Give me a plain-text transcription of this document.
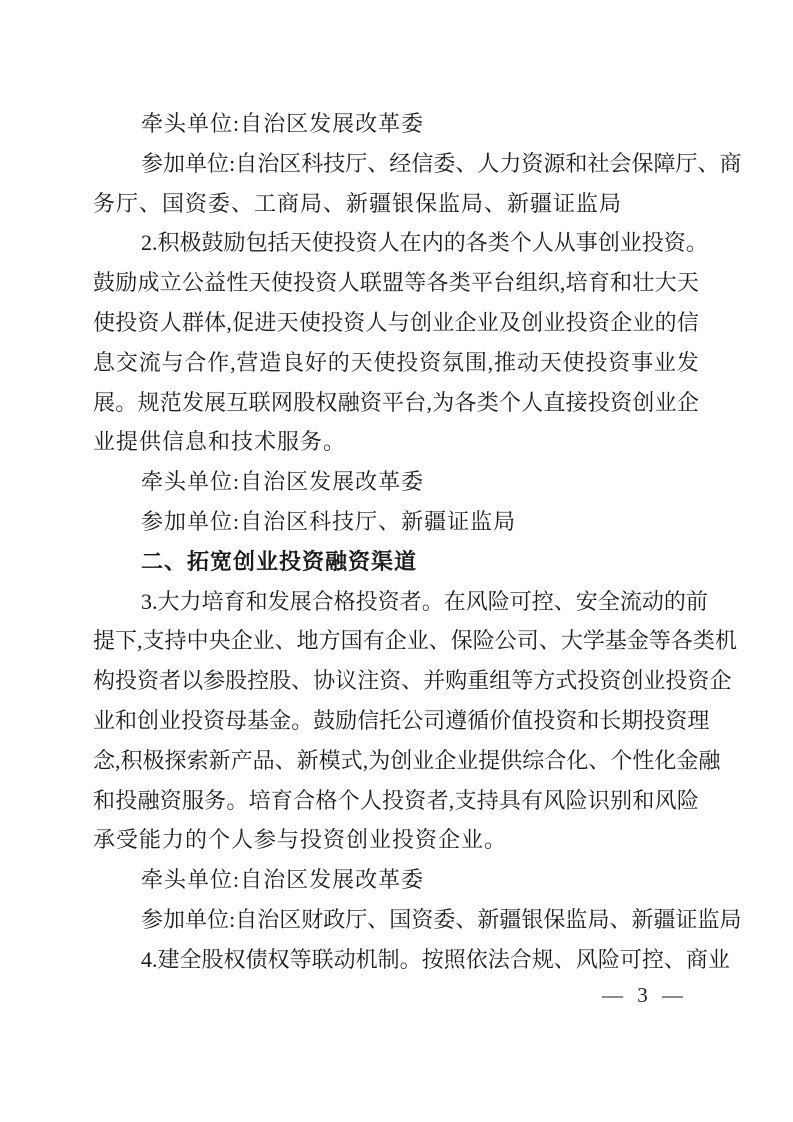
牵头单位:自治区发展改革委
参 加 单 位 : 自 治 区 科 技 厅 、 经 信 委 、 人 力 资 源 和 社 会 保 障 厅 、 商
务厅、国资委、工商局、新疆银保监局、新疆证监局
2. 积 极 鼓 励 包 括 天 使 投 资 人 在 内 的 各 类 个 人 从 事 创 业 投 资 。
鼓 励 成 立 公 益 性 天 使 投 资 人 联 盟 等 各 类 平 台 组 织 , 培 育 和 壮 大 天
使 投 资 人 群 体 , 促 进 天 使 投 资 人 与 创 业 企 业 及 创 业 投 资 企 业 的 信
息 交 流 与 合 作 , 营 造 良 好 的 天 使 投 资 氛 围 , 推 动 天 使 投 资 事 业 发
展 。 规 范 发 展 互 联 网 股 权 融 资 平 台 , 为 各 类 个 人 直 接 投 资 创 业 企
业提供信息和技术服务。
牵头单位:自治区发展改革委
参加单位:自治区科技厅、新疆证监局
二、拓宽创业投资融资渠道
3. 大 力 培 育 和 发 展 合 格 投 资 者 。 在 风 险 可 控 、 安 全 流 动 的 前
提 下 , 支 持 中 央 企 业 、 地 方 国 有 企 业 、 保 险 公 司 、 大 学 基 金 等 各 类 机
构 投 资 者 以 参 股 控 股 、 协 议 注 资 、 并 购 重 组 等 方 式 投 资 创 业 投 资 企
业 和 创 业 投 资 母 基 金 。 鼓 励 信 托 公 司 遵 循 价 值 投 资 和 长 期 投 资 理
念 , 积 极 探 索 新 产 品 、 新 模 式 , 为 创 业 企 业 提 供 综 合 化 、 个 性 化 金 融
和 投 融 资 服 务 。 培 育 合 格 个 人 投 资 者 , 支 持 具 有 风 险 识 别 和 风 险
承受能力的个人参与投资创业投资企业。
牵头单位:自治区发展改革委
参 加 单 位 : 自 治 区 财 政 厅 、 国 资 委 、 新 疆 银 保 监 局 、 新 疆 证 监 局
4. 建 全 股 权 债 权 等 联 动 机 制 。 按 照 依 法 合 规 、 风 险 可 控 、 商 业
— 3 —
